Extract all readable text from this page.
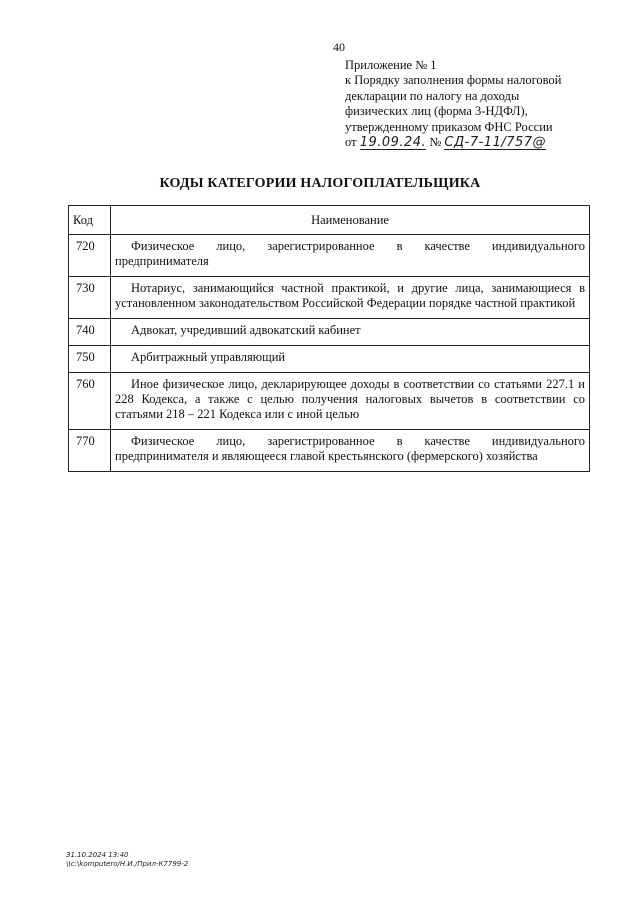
40
Приложение № 1
к Порядку заполнения формы налоговой
декларации по налогу на доходы
физических лиц (форма 3-НДФЛ),
утвержденному приказом ФНС России
от 19.09.24. № СД-7-11/757@
КОДЫ КАТЕГОРИИ НАЛОГОПЛАТЕЛЬЩИКА
Код	Наименование
720	Физическое лицо, зарегистрированное в качестве индивидуального предпринимателя
730	Нотариус, занимающийся частной практикой, и другие лица, занимающиеся в установленном законодательством Российской Федерации порядке частной практикой
740	Адвокат, учредивший адвокатский кабинет
750	Арбитражный управляющий
760	Иное физическое лицо, декларирующее доходы в соответствии со статьями 227.1 и 228 Кодекса, а также с целью получения налоговых вычетов в соответствии со статьями 218 – 221 Кодекса или с иной целью
770	Физическое лицо, зарегистрированное в качестве индивидуального предпринимателя и являющееся главой крестьянского (фермерского) хозяйства
31.10.2024 13:40
\\c:\komputero/Н.И./Прил-К7799-2
